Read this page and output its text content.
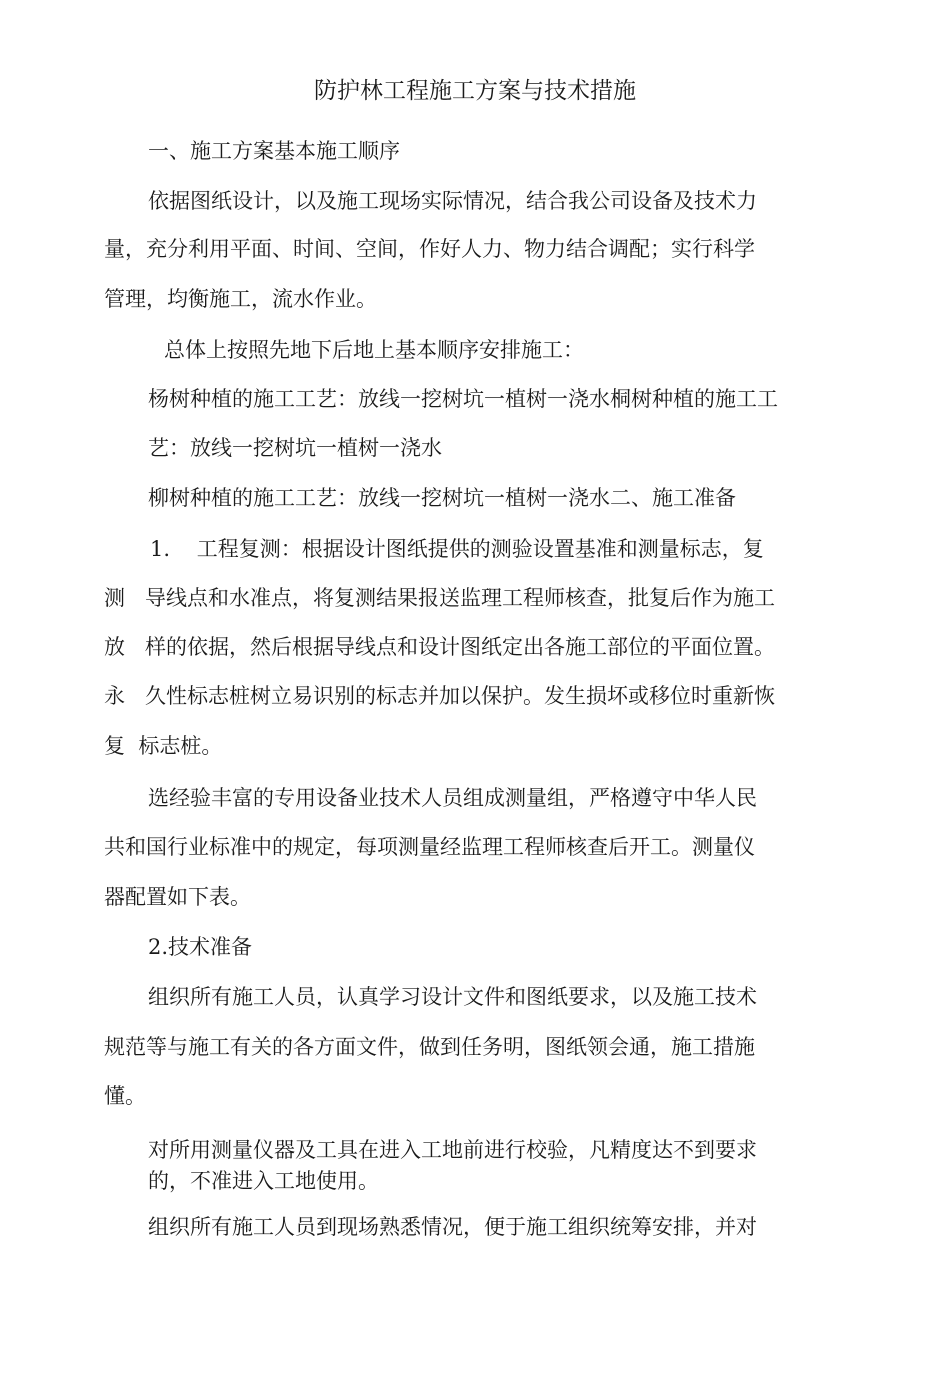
防护林工程施工方案与技术措施
一、施工方案基本施工顺序
依据图纸设计，以及施工现场实际情况，结合我公司设备及技术力
量，充分利用平面、时间、空间，作好人力、物力结合调配；实行科学
管理，均衡施工，流水作业。
总体上按照先地下后地上基本顺序安排施工：
杨树种植的施工工艺：放线一挖树坑一植树一浇水桐树种植的施工工
艺：放线一挖树坑一植树一浇水
柳树种植的施工工艺：放线一挖树坑一植树一浇水二、施工准备
1.    工程复测：根据设计图纸提供的测验设置基准和测量标志，复
测   导线点和水准点，将复测结果报送监理工程师核查，批复后作为施工
放   样的依据，然后根据导线点和设计图纸定出各施工部位的平面位置。
永   久性标志桩树立易识别的标志并加以保护。发生损坏或移位时重新恢
复  标志桩。
选经验丰富的专用设备业技术人员组成测量组，严格遵守中华人民
共和国行业标准中的规定，每项测量经监理工程师核查后开工。测量仪
器配置如下表。
2.技术准备
组织所有施工人员，认真学习设计文件和图纸要求，以及施工技术
规范等与施工有关的各方面文件，做到任务明，图纸领会通，施工措施
懂。
对所用测量仪器及工具在进入工地前进行校验，凡精度达不到要求
的，不准进入工地使用。
组织所有施工人员到现场熟悉情况，便于施工组织统筹安排，并对
